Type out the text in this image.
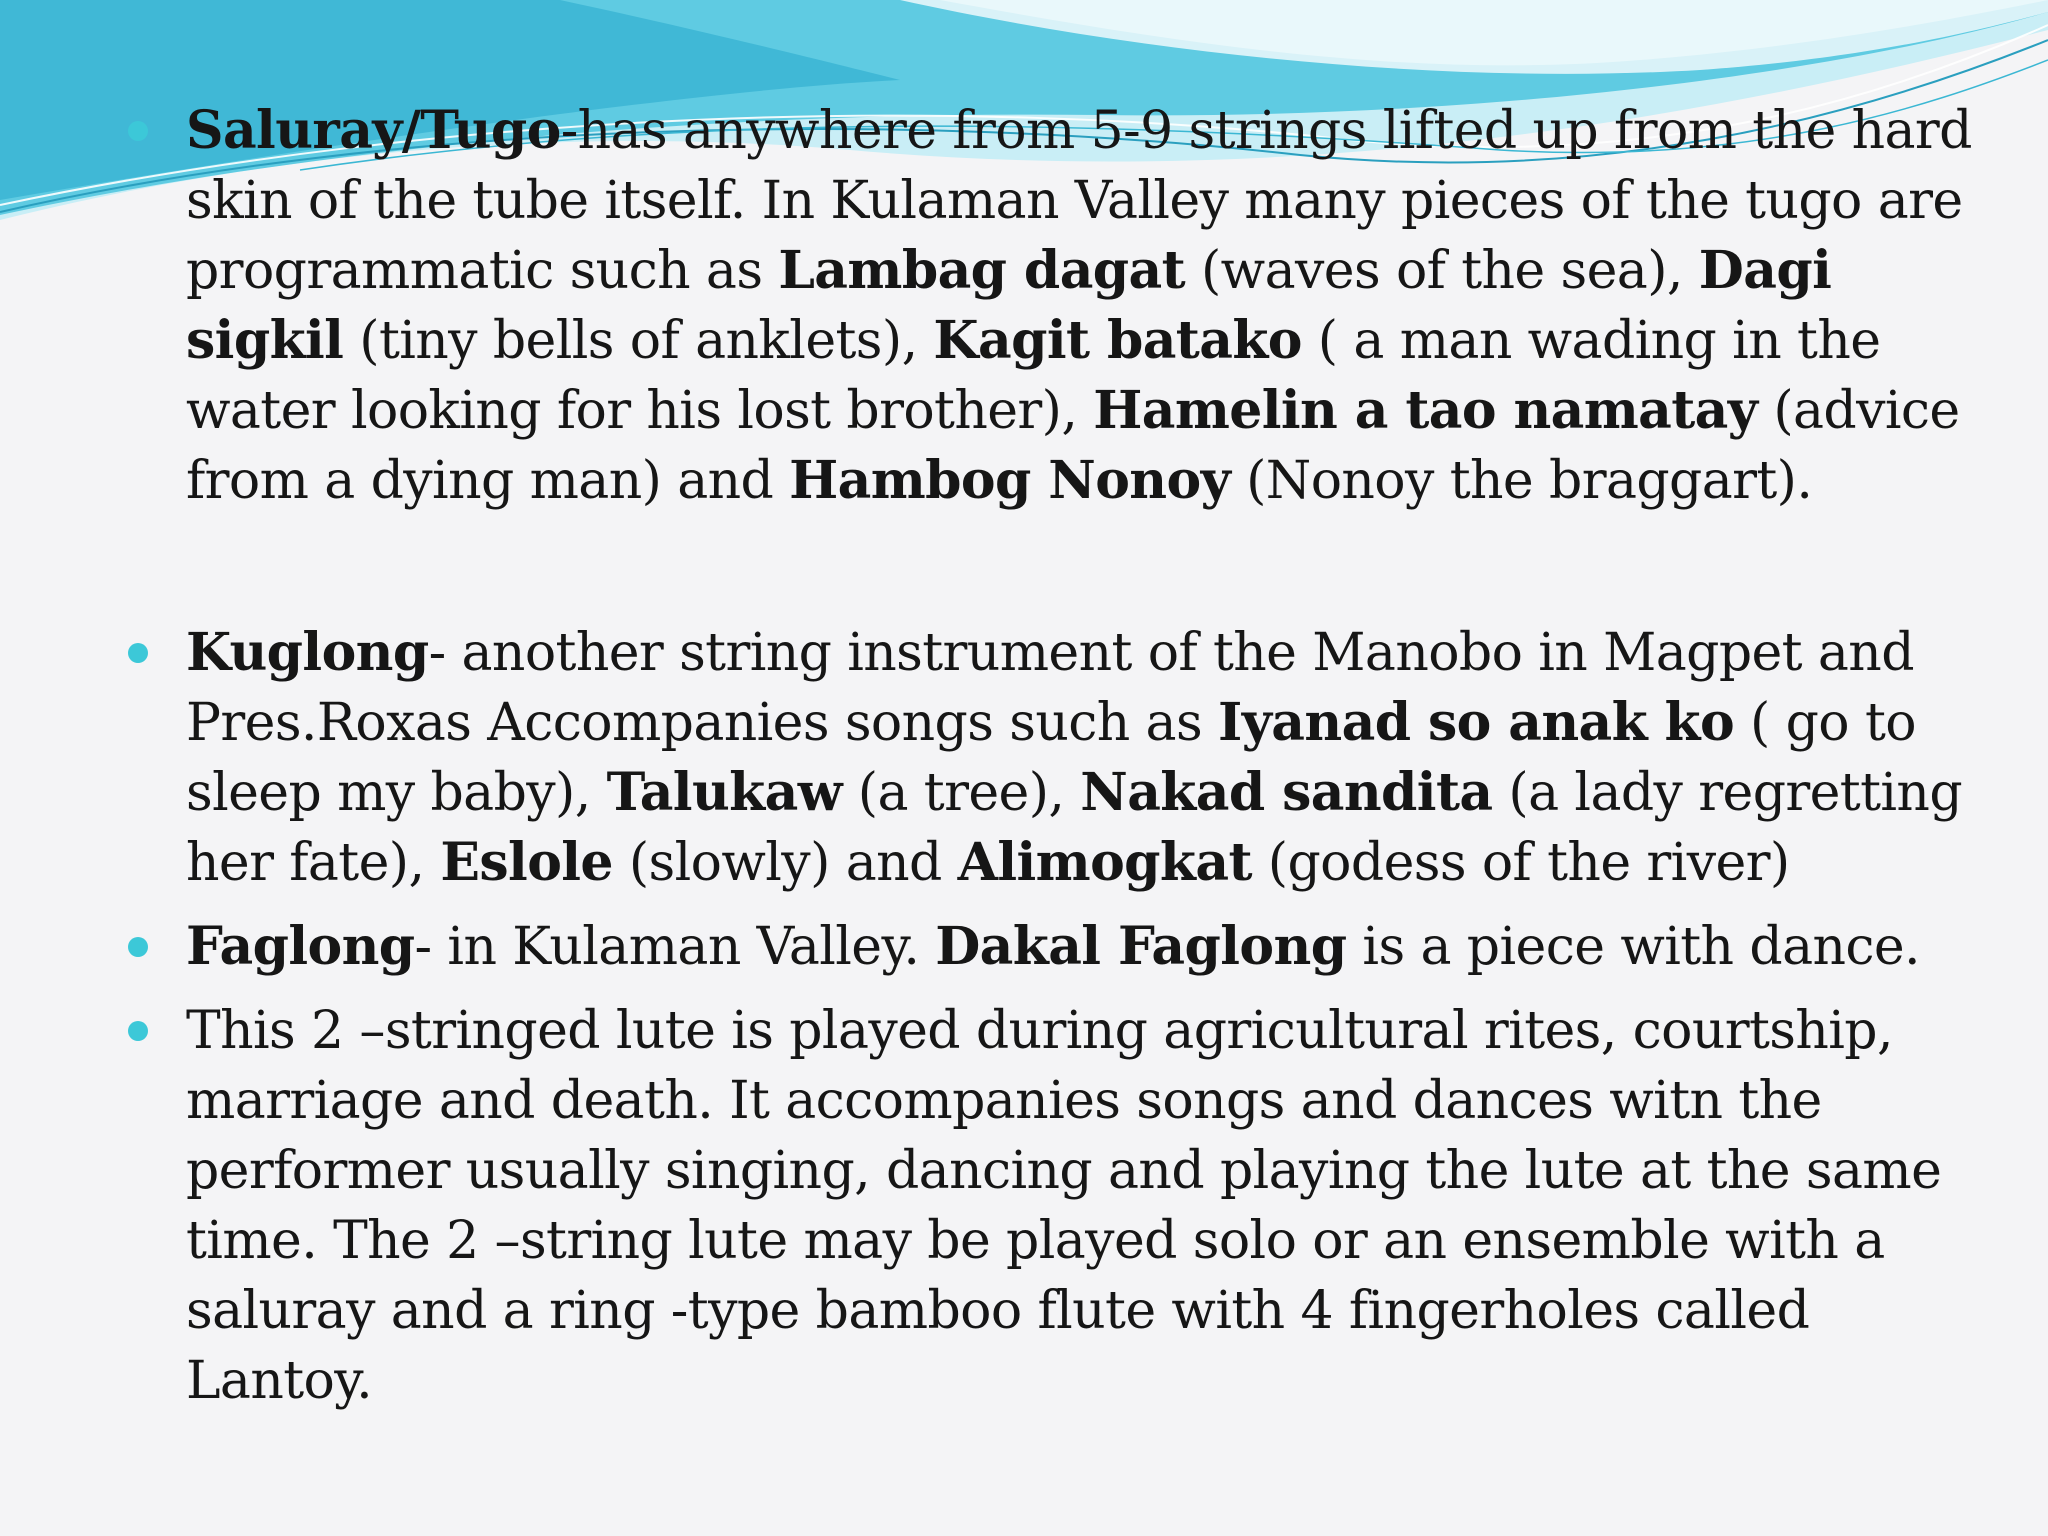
Saluray/Tugo-has anywhere from 5-9 strings lifted up from the hard skin of the tube itself. In Kulaman Valley many pieces of the tugo are programmatic such as Lambag dagat (waves of the sea), Dagi sigkil (tiny bells of anklets), Kagit batako ( a man wading in the water looking for his lost brother), Hamelin a tao namatay (advice from a dying man) and Hambog Nonoy (Nonoy the braggart).

Kuglong- another string instrument of the Manobo in Magpet and Pres.Roxas Accompanies songs such as Iyanad so anak ko ( go to sleep my baby), Talukaw (a tree), Nakad sandita (a lady regretting her fate), Eslole (slowly) and Alimogkat (godess of the river)

Faglong- in Kulaman Valley. Dakal Faglong is a piece with dance.

This 2 –stringed lute is played during agricultural rites, courtship, marriage and death. It accompanies songs and dances witn the performer usually singing, dancing and playing the lute at the same time. The 2 –string lute may be played solo or an ensemble with a saluray and a ring -type bamboo flute with 4 fingerholes called Lantoy.
